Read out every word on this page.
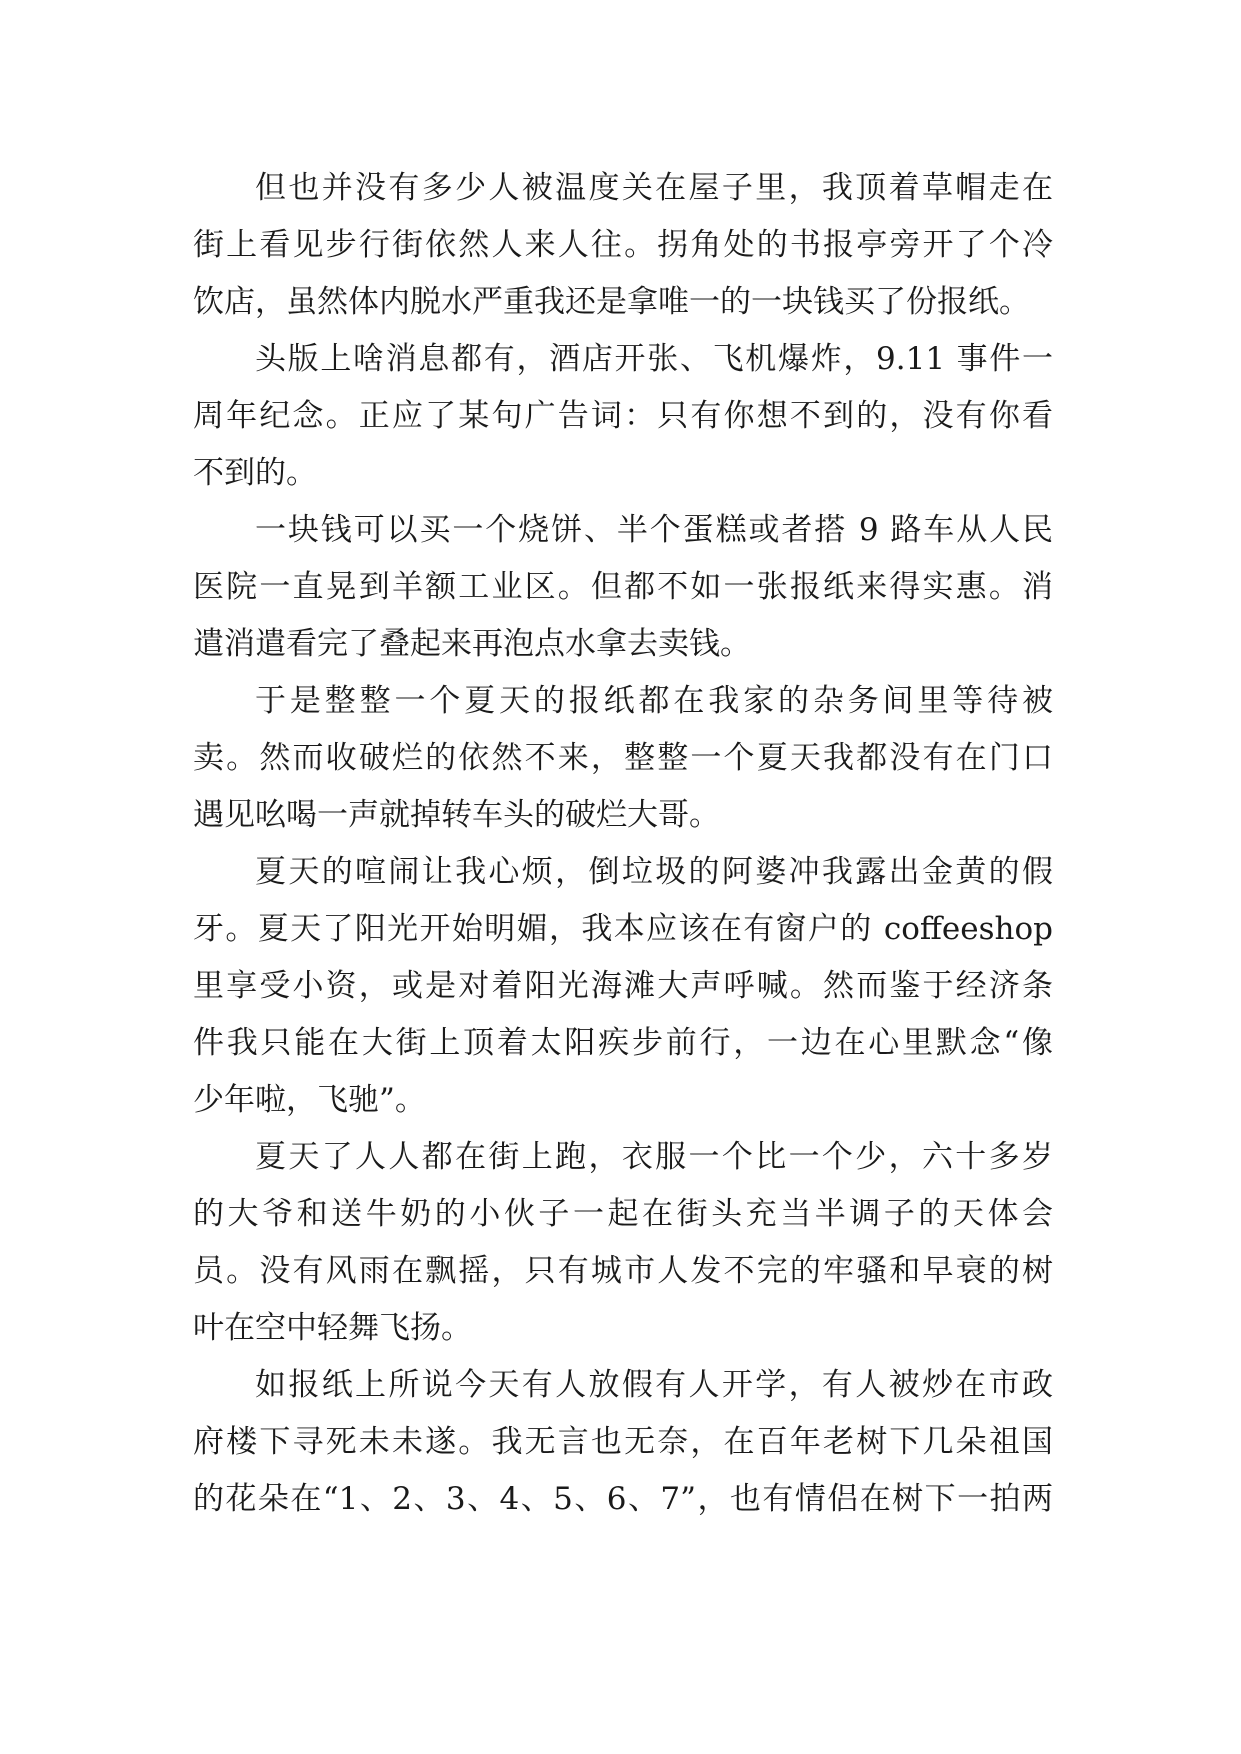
但也并没有多少人被温度关在屋子里，我顶着草帽走在
街上看见步行街依然人来人往。拐角处的书报亭旁开了个冷
饮店，虽然体内脱水严重我还是拿唯一的一块钱买了份报纸。
头版上啥消息都有，酒店开张、飞机爆炸，9.11 事件一
周年纪念。正应了某句广告词：只有你想不到的，没有你看
不到的。
一块钱可以买一个烧饼、半个蛋糕或者搭 9 路车从人民
医院一直晃到羊额工业区。但都不如一张报纸来得实惠。消
遣消遣看完了叠起来再泡点水拿去卖钱。
于是整整一个夏天的报纸都在我家的杂务间里等待被
卖。然而收破烂的依然不来，整整一个夏天我都没有在门口
遇见吆喝一声就掉转车头的破烂大哥。
夏天的喧闹让我心烦，倒垃圾的阿婆冲我露出金黄的假
牙。夏天了阳光开始明媚，我本应该在有窗户的 coffeeshop
里享受小资，或是对着阳光海滩大声呼喊。然而鉴于经济条
件我只能在大街上顶着太阳疾步前行，一边在心里默念“像
少年啦，飞驰”。
夏天了人人都在街上跑，衣服一个比一个少，六十多岁
的大爷和送牛奶的小伙子一起在街头充当半调子的天体会
员。没有风雨在飘摇，只有城市人发不完的牢骚和早衰的树
叶在空中轻舞飞扬。
如报纸上所说今天有人放假有人开学，有人被炒在市政
府楼下寻死未未遂。我无言也无奈，在百年老树下几朵祖国
的花朵在“1、2、3、4、5、6、7”，也有情侣在树下一拍两
